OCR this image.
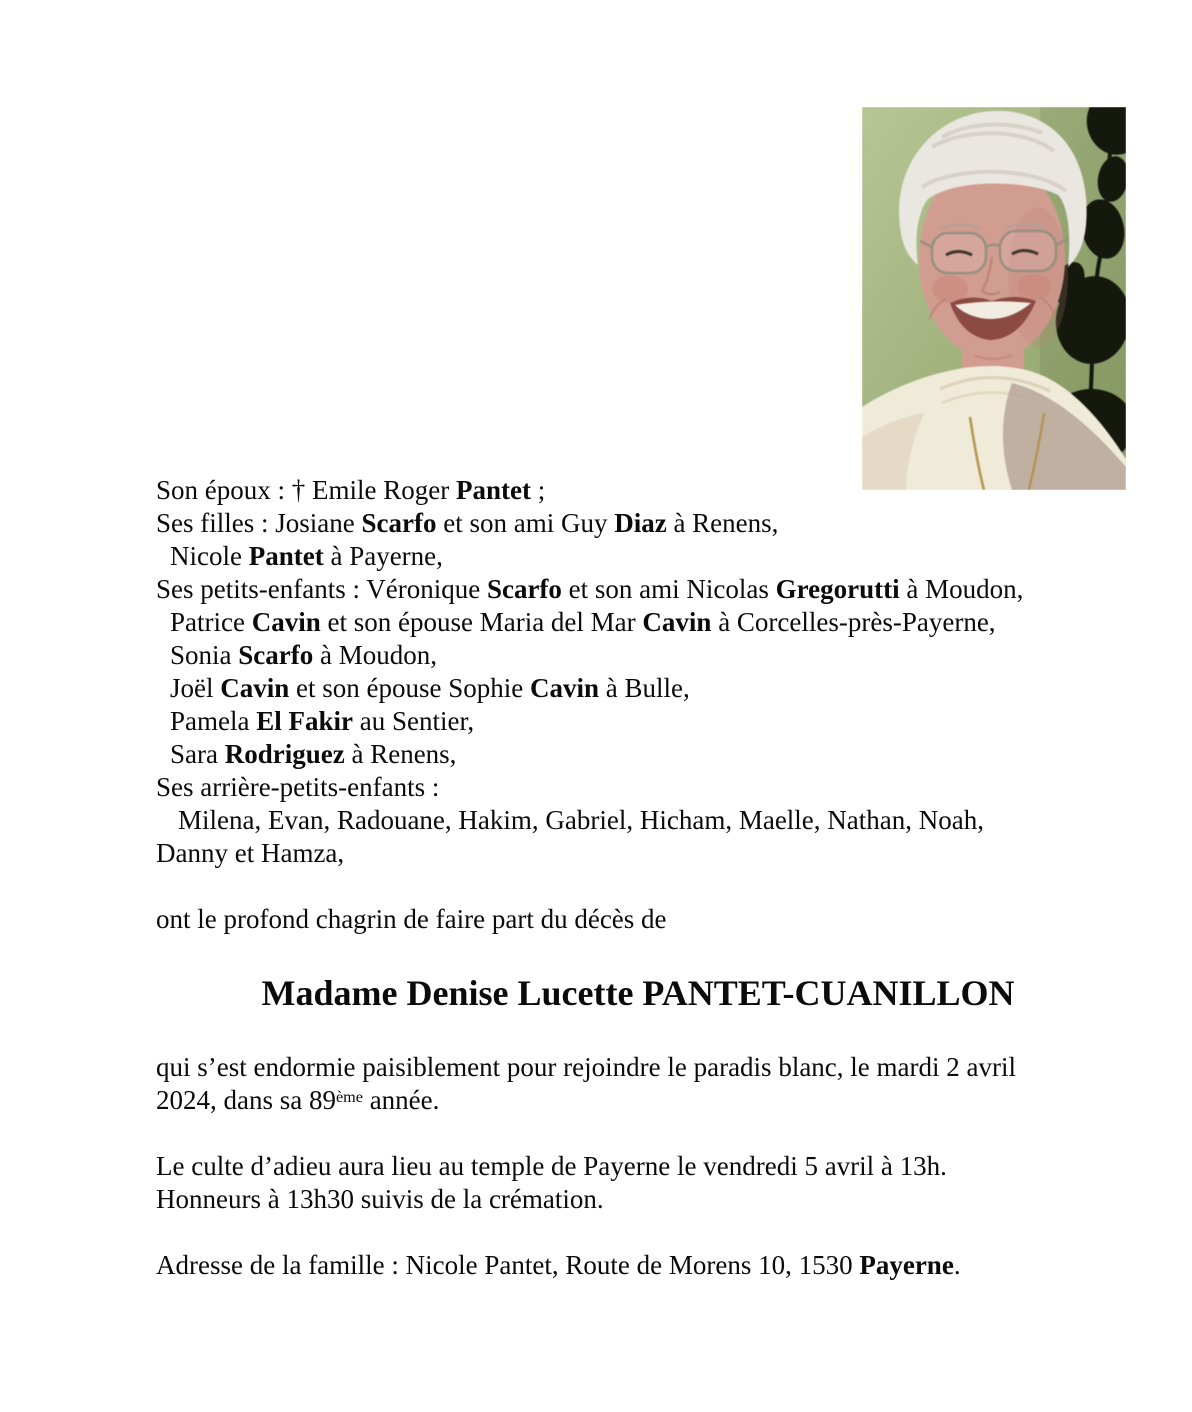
Son époux : † Emile Roger Pantet ;
Ses filles : Josiane Scarfo et son ami Guy Diaz à Renens,
Nicole Pantet à Payerne,
Ses petits-enfants : Véronique Scarfo et son ami Nicolas Gregorutti à Moudon,
Patrice Cavin et son épouse Maria del Mar Cavin à Corcelles-près-Payerne,
Sonia Scarfo à Moudon,
Joël Cavin et son épouse Sophie Cavin à Bulle,
Pamela El Fakir au Sentier,
Sara Rodriguez à Renens,
Ses arrière-petits-enfants :
Milena, Evan, Radouane, Hakim, Gabriel, Hicham, Maelle, Nathan, Noah,
Danny et Hamza,

ont le profond chagrin de faire part du décès de

Madame Denise Lucette PANTET-CUANILLON
qui s’est endormie paisiblement pour rejoindre le paradis blanc, le mardi 2 avril
2024, dans sa 89ème année.
Le culte d’adieu aura lieu au temple de Payerne le vendredi 5 avril à 13h.
Honneurs à 13h30 suivis de la crémation.
Adresse de la famille : Nicole Pantet, Route de Morens 10, 1530 Payerne.
